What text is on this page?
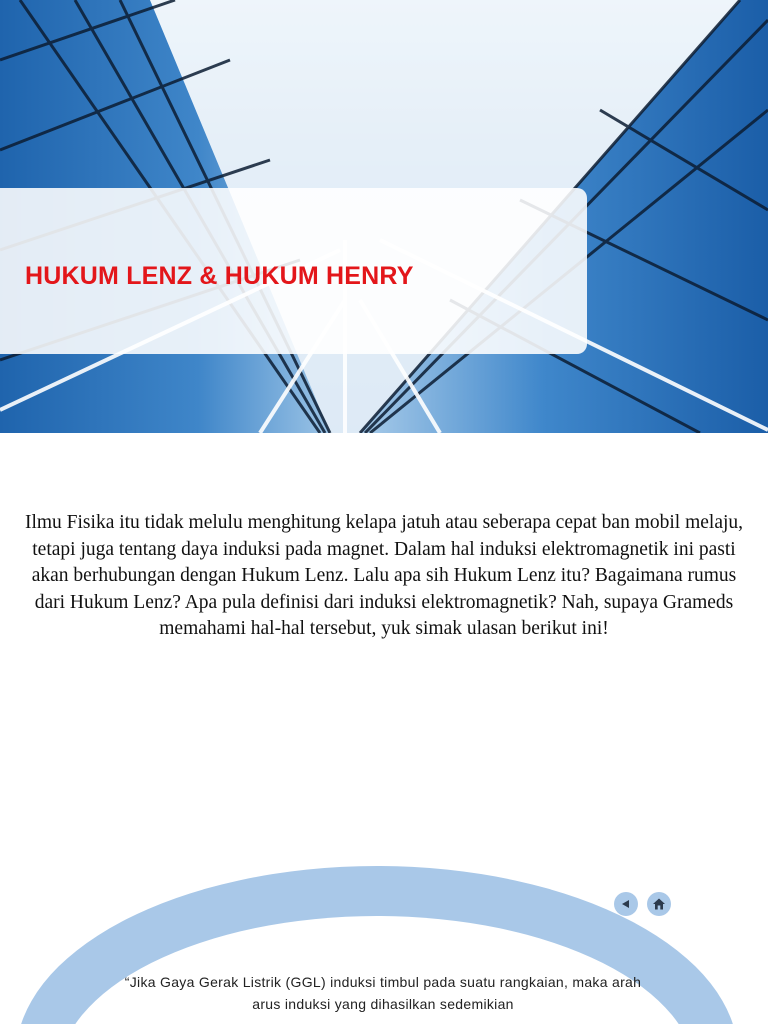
HUKUM LENZ & HUKUM HENRY

Ilmu Fisika itu tidak melulu menghitung kelapa jatuh atau seberapa cepat ban mobil melaju, tetapi juga tentang daya induksi pada magnet. Dalam hal induksi elektromagnetik ini pasti akan berhubungan dengan Hukum Lenz. Lalu apa sih Hukum Lenz itu? Bagaimana rumus dari Hukum Lenz? Apa pula definisi dari induksi elektromagnetik? Nah, supaya Grameds memahami hal-hal tersebut, yuk simak ulasan berikut ini!

“Jika Gaya Gerak Listrik (GGL) induksi timbul pada suatu rangkaian, maka arah arus induksi yang dihasilkan sedemikian
